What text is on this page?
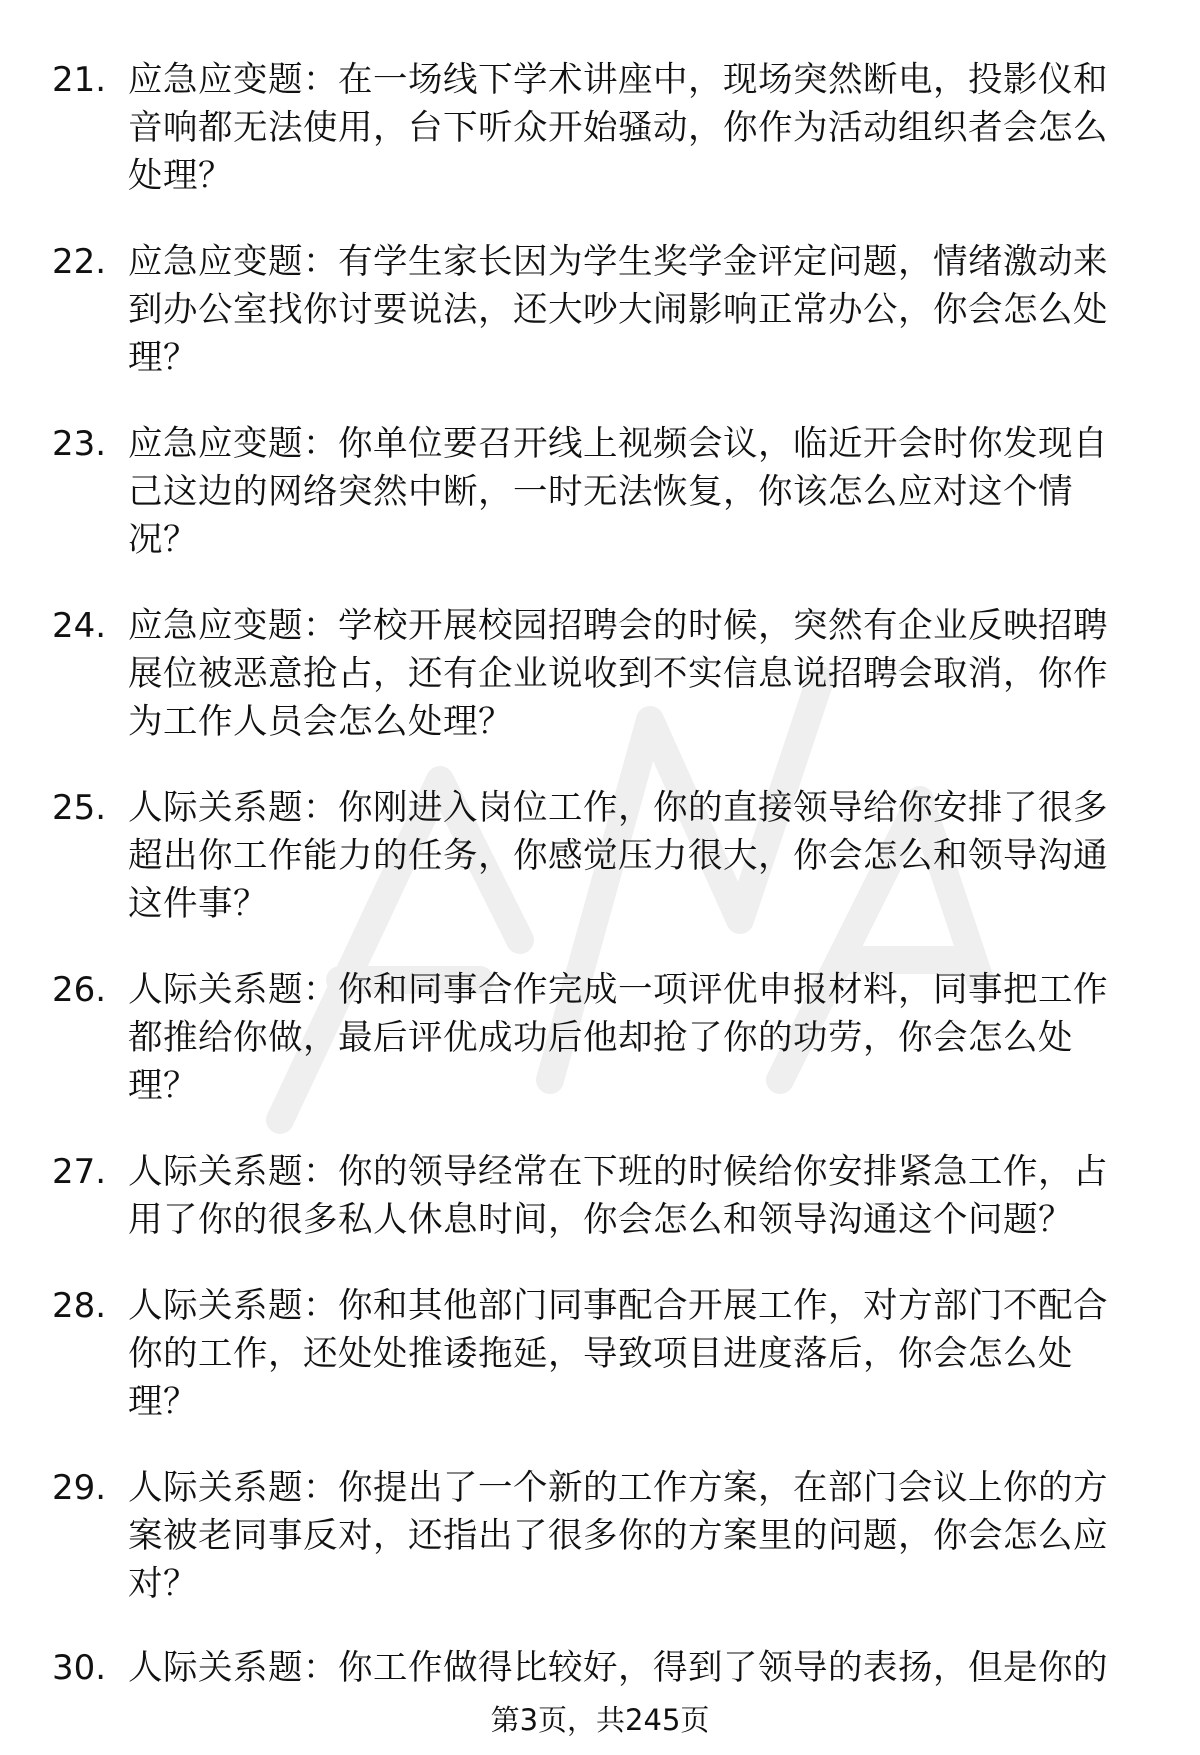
21. 应急应变题：在一场线下学术讲座中，现场突然断电，投影仪和音响都无法使用，台下听众开始骚动，你作为活动组织者会怎么处理？
22. 应急应变题：有学生家长因为学生奖学金评定问题，情绪激动来到办公室找你讨要说法，还大吵大闹影响正常办公，你会怎么处理？
23. 应急应变题：你单位要召开线上视频会议，临近开会时你发现自己这边的网络突然中断，一时无法恢复，你该怎么应对这个情况？
24. 应急应变题：学校开展校园招聘会的时候，突然有企业反映招聘展位被恶意抢占，还有企业说收到不实信息说招聘会取消，你作为工作人员会怎么处理？
25. 人际关系题：你刚进入岗位工作，你的直接领导给你安排了很多超出你工作能力的任务，你感觉压力很大，你会怎么和领导沟通这件事？
26. 人际关系题：你和同事合作完成一项评优申报材料，同事把工作都推给你做，最后评优成功后他却抢了你的功劳，你会怎么处理？
27. 人际关系题：你的领导经常在下班的时候给你安排紧急工作，占用了你的很多私人休息时间，你会怎么和领导沟通这个问题？
28. 人际关系题：你和其他部门同事配合开展工作，对方部门不配合你的工作，还处处推诿拖延，导致项目进度落后，你会怎么处理？
29. 人际关系题：你提出了一个新的工作方案，在部门会议上你的方案被老同事反对，还指出了很多你的方案里的问题，你会怎么应对？
30. 人际关系题：你工作做得比较好，得到了领导的表扬，但是你的
第3页，共245页
